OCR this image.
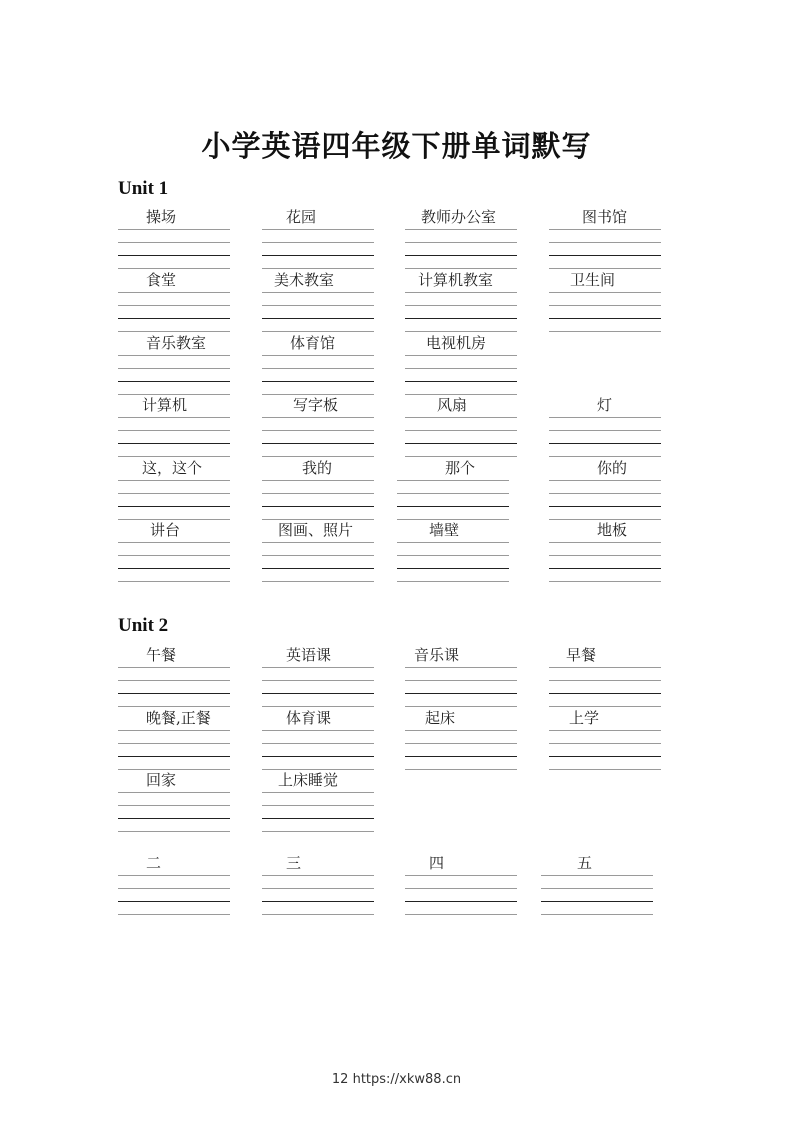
小学英语四年级下册单词默写
Unit 1
操场	花园	教师办公室	图书馆
食堂	美术教室	计算机教室	卫生间
音乐教室	体育馆	电视机房
计算机	写字板	风扇	灯
这，这个	我的	那个	你的
讲台	图画、照片	墙壁	地板
Unit 2
午餐	英语课	音乐课	早餐
晚餐,正餐	体育课	起床	上学
回家	上床睡觉
二	三	四	五
12 https://xkw88.cn
